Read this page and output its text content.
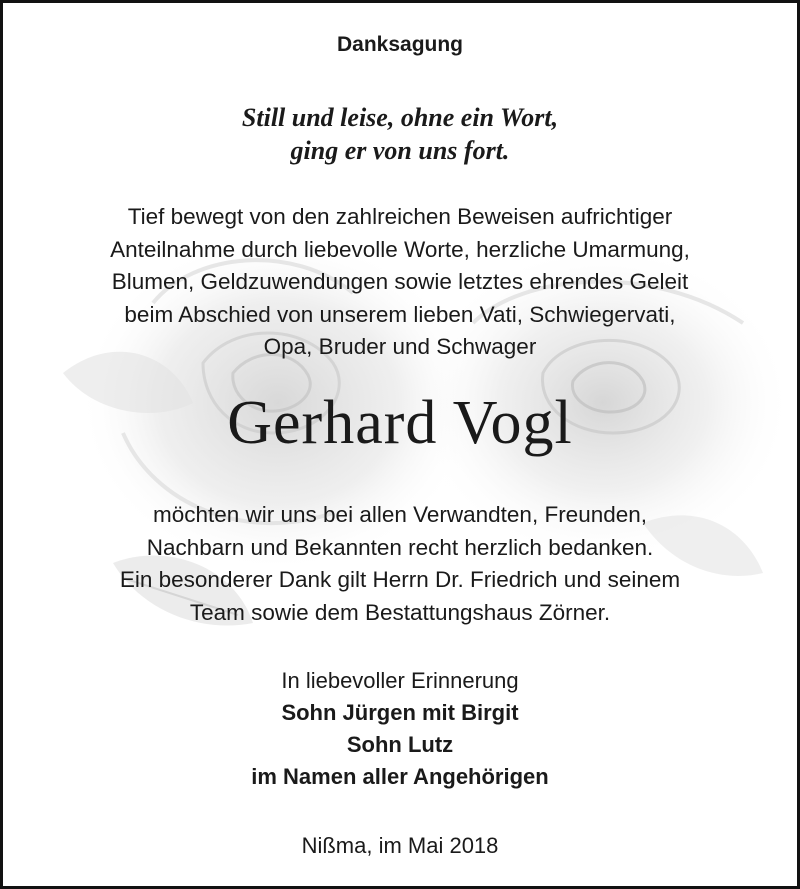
Danksagung
Still und leise, ohne ein Wort,
ging er von uns fort.
Tief bewegt von den zahlreichen Beweisen aufrichtiger
Anteilnahme durch liebevolle Worte, herzliche Umarmung,
Blumen, Geldzuwendungen sowie letztes ehrendes Geleit
beim Abschied von unserem lieben Vati, Schwiegervati,
Opa, Bruder und Schwager
Gerhard Vogl
möchten wir uns bei allen Verwandten, Freunden,
Nachbarn und Bekannten recht herzlich bedanken.
Ein besonderer Dank gilt Herrn Dr. Friedrich und seinem
Team sowie dem Bestattungshaus Zörner.
In liebevoller Erinnerung
Sohn Jürgen mit Birgit
Sohn Lutz
im Namen aller Angehörigen
Nißma, im Mai 2018
